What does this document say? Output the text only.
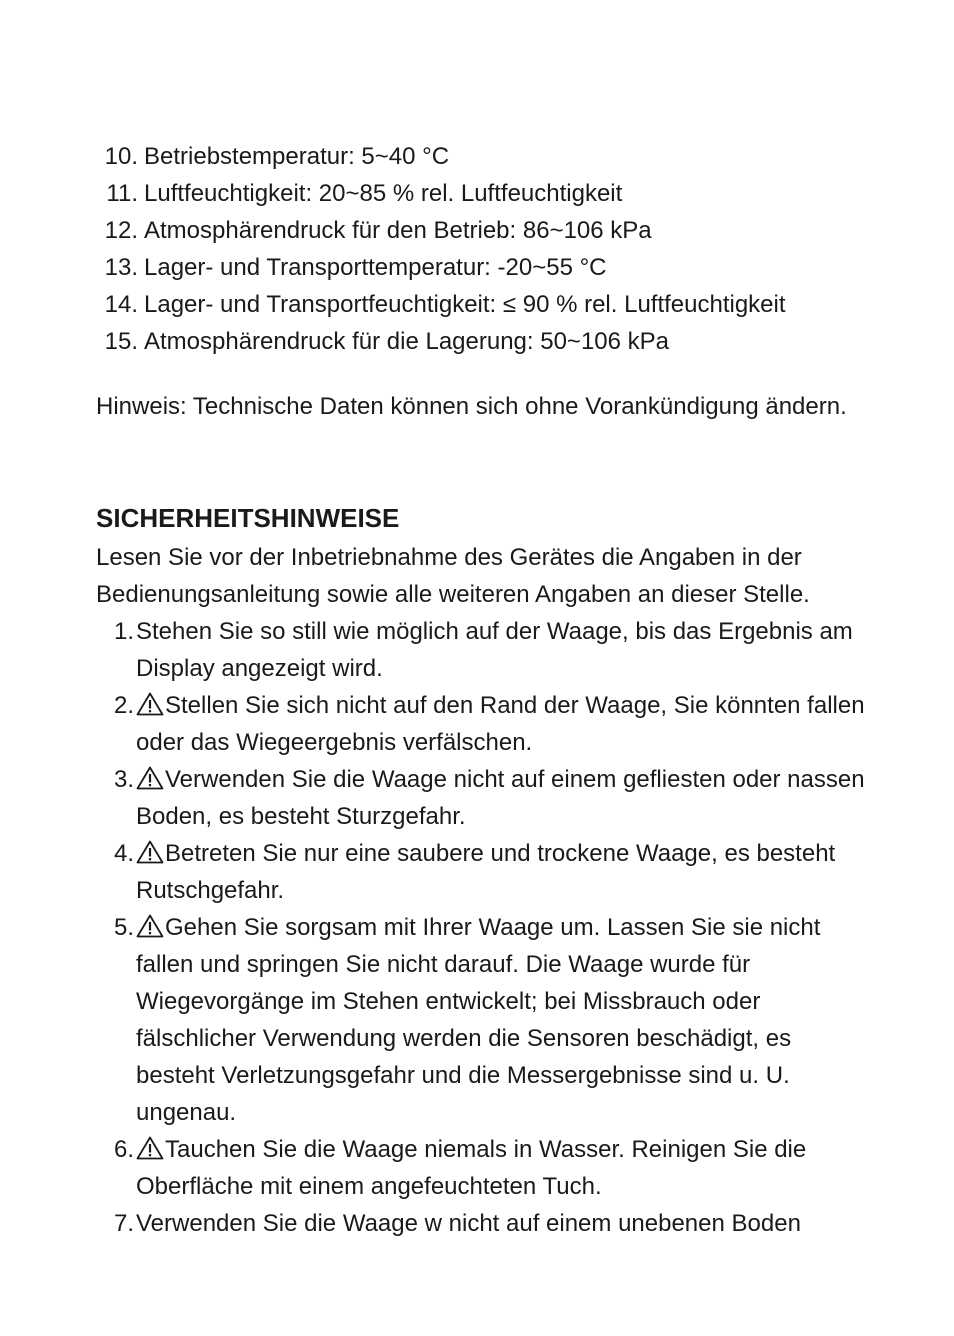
10. Betriebstemperatur: 5~40 °C
11. Luftfeuchtigkeit: 20~85 % rel. Luftfeuchtigkeit
12. Atmosphärendruck für den Betrieb: 86~106 kPa
13. Lager- und Transporttemperatur: -20~55 °C
14. Lager- und Transportfeuchtigkeit: ≤ 90 % rel. Luftfeuchtigkeit
15. Atmosphärendruck für die Lagerung: 50~106 kPa

Hinweis: Technische Daten können sich ohne Vorankündigung ändern.

SICHERHEITSHINWEISE

Lesen Sie vor der Inbetriebnahme des Gerätes die Angaben in der Bedienungsanleitung sowie alle weiteren Angaben an dieser Stelle.

1. Stehen Sie so still wie möglich auf der Waage, bis das Ergebnis am Display angezeigt wird.
2.	Stellen Sie sich nicht auf den Rand der Waage, Sie könnten fallen oder das Wiegeergebnis verfälschen.
3.	Verwenden Sie die Waage nicht auf einem gefliesten oder nassen Boden, es besteht Sturzgefahr.
4.	Betreten Sie nur eine saubere und trockene Waage, es besteht Rutschgefahr.
5.	Gehen Sie sorgsam mit Ihrer Waage um. Lassen Sie sie nicht fallen und springen Sie nicht darauf. Die Waage wurde für Wiegevorgänge im Stehen entwickelt; bei Missbrauch oder fälschlicher Verwendung werden die Sensoren beschädigt, es besteht Verletzungsgefahr und die Messergebnisse sind u. U. ungenau.
6.	Tauchen Sie die Waage niemals in Wasser. Reinigen Sie die Oberfläche mit einem angefeuchteten Tuch.
7. Verwenden Sie die Waage w nicht auf einem unebenen Boden
